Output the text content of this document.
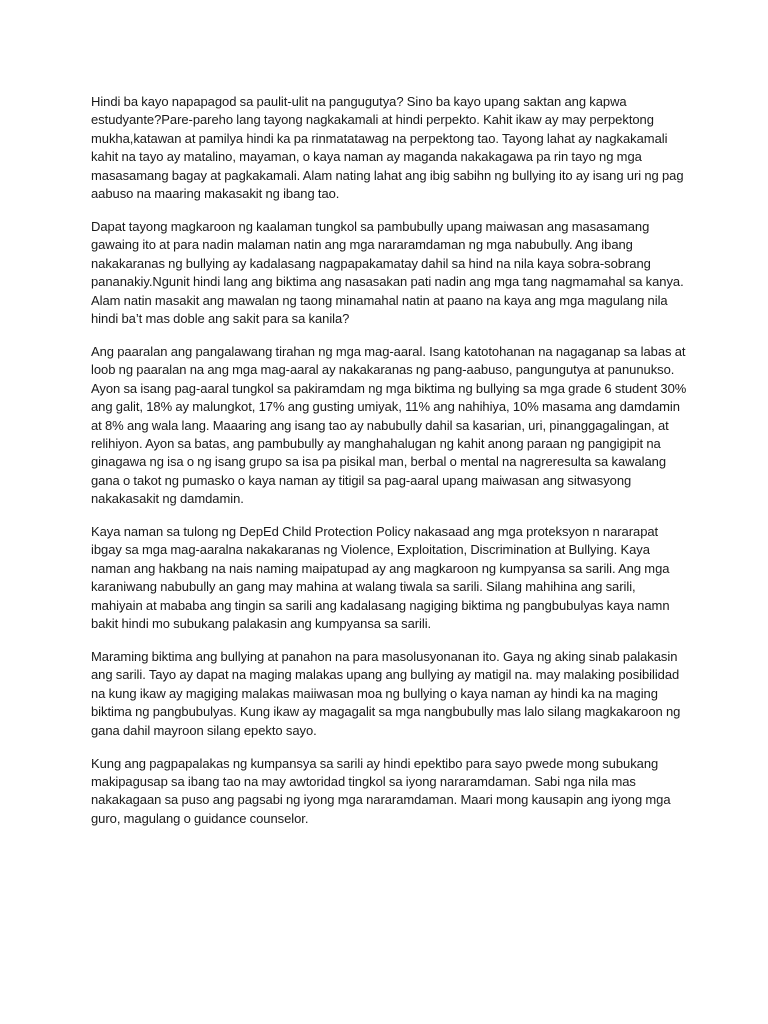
Hindi ba kayo napapagod sa paulit-ulit na pangugutya? Sino ba kayo upang saktan ang kapwa estudyante?Pare-pareho lang tayong nagkakamali at hindi perpekto. Kahit ikaw ay may perpektong mukha,katawan at pamilya hindi ka pa rinmatatawag na perpektong tao. Tayong lahat ay nagkakamali kahit na tayo ay matalino, mayaman, o kaya naman ay maganda nakakagawa pa rin tayo ng mga masasamang bagay at pagkakamali. Alam nating lahat ang ibig sabihn ng bullying ito ay isang uri ng pag aabuso na maaring makasakit ng ibang tao.

Dapat tayong magkaroon ng kaalaman tungkol sa pambubully upang maiwasan ang masasamang gawaing ito at para nadin malaman natin ang mga nararamdaman ng mga nabubully. Ang ibang nakakaranas ng bullying ay kadalasang nagpapakamatay dahil sa hind na nila kaya sobra-sobrang pananakiy.Ngunit hindi lang ang biktima ang nasasakan pati nadin ang mga tang nagmamahal sa kanya. Alam natin masakit ang mawalan ng taong minamahal natin at paano na kaya ang mga magulang nila hindi ba’t mas doble ang sakit para sa kanila?

Ang paaralan ang pangalawang tirahan ng mga mag-aaral. Isang katotohanan na nagaganap sa labas at loob ng paaralan na ang mga mag-aaral ay nakakaranas ng pang-aabuso, pangungutya at panunukso. Ayon sa isang pag-aaral tungkol sa pakiramdam ng mga biktima ng bullying sa mga grade 6 student 30% ang galit, 18% ay malungkot, 17% ang gusting umiyak, 11% ang nahihiya, 10% masama ang damdamin at 8% ang wala lang. Maaaring ang isang tao ay nabubully dahil sa kasarian, uri, pinanggagalingan, at relihiyon. Ayon sa batas, ang pambubully ay manghahalugan ng kahit anong paraan ng pangigipit na ginagawa ng isa o ng isang grupo sa isa pa pisikal man, berbal o mental na nagreresulta sa kawalang gana o takot ng pumasko o kaya naman ay titigil sa pag-aaral upang maiwasan ang sitwasyong nakakasakit ng damdamin.

Kaya naman sa tulong ng DepEd Child Protection Policy nakasaad ang mga proteksyon n nararapat ibgay sa mga mag-aaralna nakakaranas ng Violence, Exploitation, Discrimination at Bullying. Kaya naman ang hakbang na nais naming maipatupad ay ang magkaroon ng kumpyansa sa sarili. Ang mga karaniwang nabubully an gang may mahina at walang tiwala sa sarili. Silang mahihina ang sarili, mahiyain at mababa ang tingin sa sarili ang kadalasang nagiging biktima ng pangbubulyas kaya namn bakit hindi mo subukang palakasin ang kumpyansa sa sarili.

Maraming biktima ang bullying at panahon na para masolusyonanan ito. Gaya ng aking sinab palakasin ang sarili. Tayo ay dapat na maging malakas upang ang bullying ay matigil na. may malaking posibilidad na kung ikaw ay magiging malakas maiiwasan moa ng bullying o kaya naman ay hindi ka na maging biktima ng pangbubulyas. Kung ikaw ay magagalit sa mga nangbubully mas lalo silang magkakaroon ng gana dahil mayroon silang epekto sayo.

Kung ang pagpapalakas ng kumpansya sa sarili ay hindi epektibo para sayo pwede mong subukang makipagusap sa ibang tao na may awtoridad tingkol sa iyong nararamdaman. Sabi nga nila mas nakakagaan sa puso ang pagsabi ng iyong mga nararamdaman. Maari mong kausapin ang iyong mga guro, magulang o guidance counselor.
